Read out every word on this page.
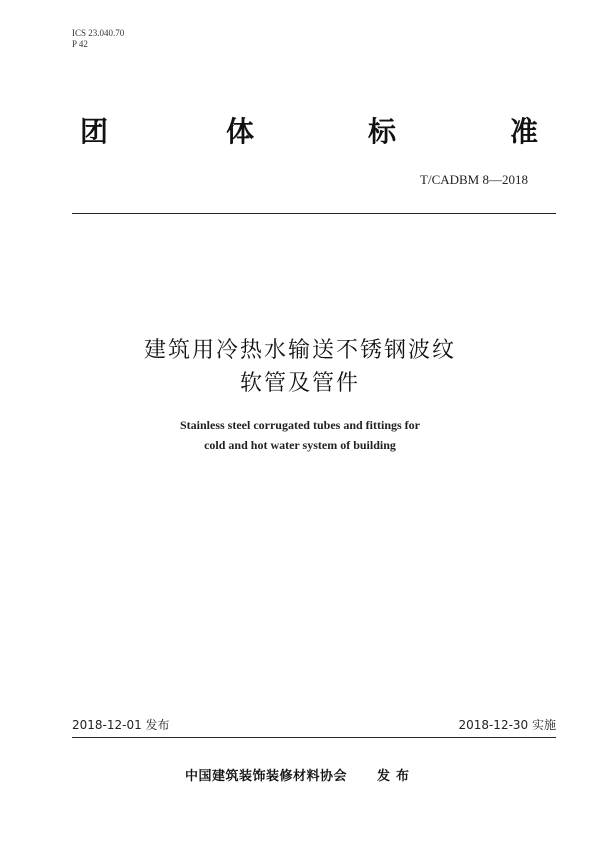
ICS 23.040.70
P 42
团	体	标	准
T/CADBM 8—2018
建筑用冷热水输送不锈钢波纹
软管及管件
Stainless steel corrugated tubes and fittings for
cold and hot water system of building
2018-12-01 发布	2018-12-30 实施
中国建筑装饰装修材料协会 发布
